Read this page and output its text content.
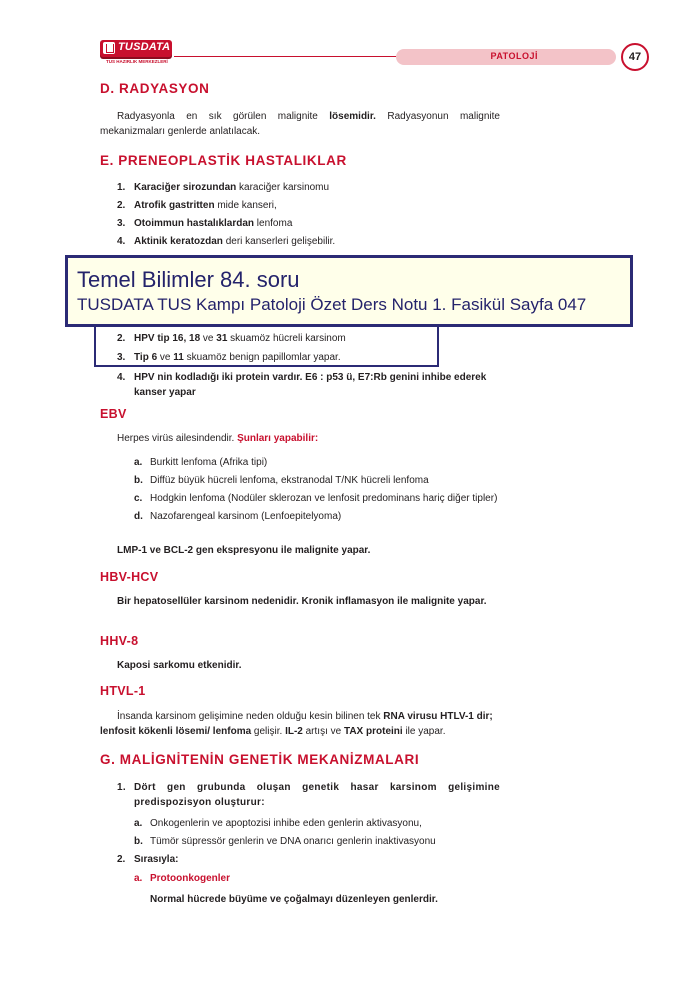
TUSDATA
TUS HAZIRLIK MERKEZLERİ
PATOLOJİ	47
D. RADYASYON

Radyasyonla en sık görülen malignite lösemidir. Radyasyonun malignite mekanizmaları genlerde anlatılacak.

E. PRENEOPLASTİK HASTALIKLAR
1. Karaciğer sirozundan karaciğer karsinomu
2. Atrofik gastritten mide kanseri,
3. Otoimmun hastalıklardan lenfoma
4. Aktinik keratozdan deri kanserleri gelişebilir.
2. HPV tip 16, 18 ve 31 skuamöz hücreli karsinom
3. Tip 6 ve 11 skuamöz benign papillomlar yapar.
4. HPV nin kodladığı iki protein vardır. E6 : p53 ü, E7:Rb genini inhibe ederek kanser yapar
Temel Bilimler 84. soru
TUSDATA TUS Kampı Patoloji Özet Ders Notu 1. Fasikül Sayfa 047
EBV

Herpes virüs ailesindendir. Şunları yapabilir:

a. Burkitt lenfoma (Afrika tipi)
b. Diffüz büyük hücreli lenfoma, ekstranodal T/NK hücreli lenfoma
c. Hodgkin lenfoma (Nodüler sklerozan ve lenfosit predominans hariç diğer tipler)
d. Nazofarengeal karsinom (Lenfoepitelyoma)

LMP-1 ve BCL-2 gen ekspresyonu ile malignite yapar.

HBV-HCV

Bir hepatosellüler karsinom nedenidir. Kronik inflamasyon ile malignite yapar.

HHV-8

Kaposi sarkomu etkenidir.

HTVL-1

İnsanda karsinom gelişimine neden olduğu kesin bilinen tek RNA virusu HTLV-1 dir; lenfosit kökenli lösemi/ lenfoma gelişir. IL-2 artışı ve TAX proteini ile yapar.

G. MALİGNİTENİN GENETİK MEKANİZMALARI
1. Dört gen grubunda oluşan genetik hasar karsinom gelişimine predispozisyon oluşturur:
a. Onkogenlerin ve apoptozisi inhibe eden genlerin aktivasyonu,
b. Tümör süpressör genlerin ve DNA onarıcı genlerin inaktivasyonu
2. Sırasıyla:
a. Protoonkogenler

Normal hücrede büyüme ve çoğalmayı düzenleyen genlerdir.
